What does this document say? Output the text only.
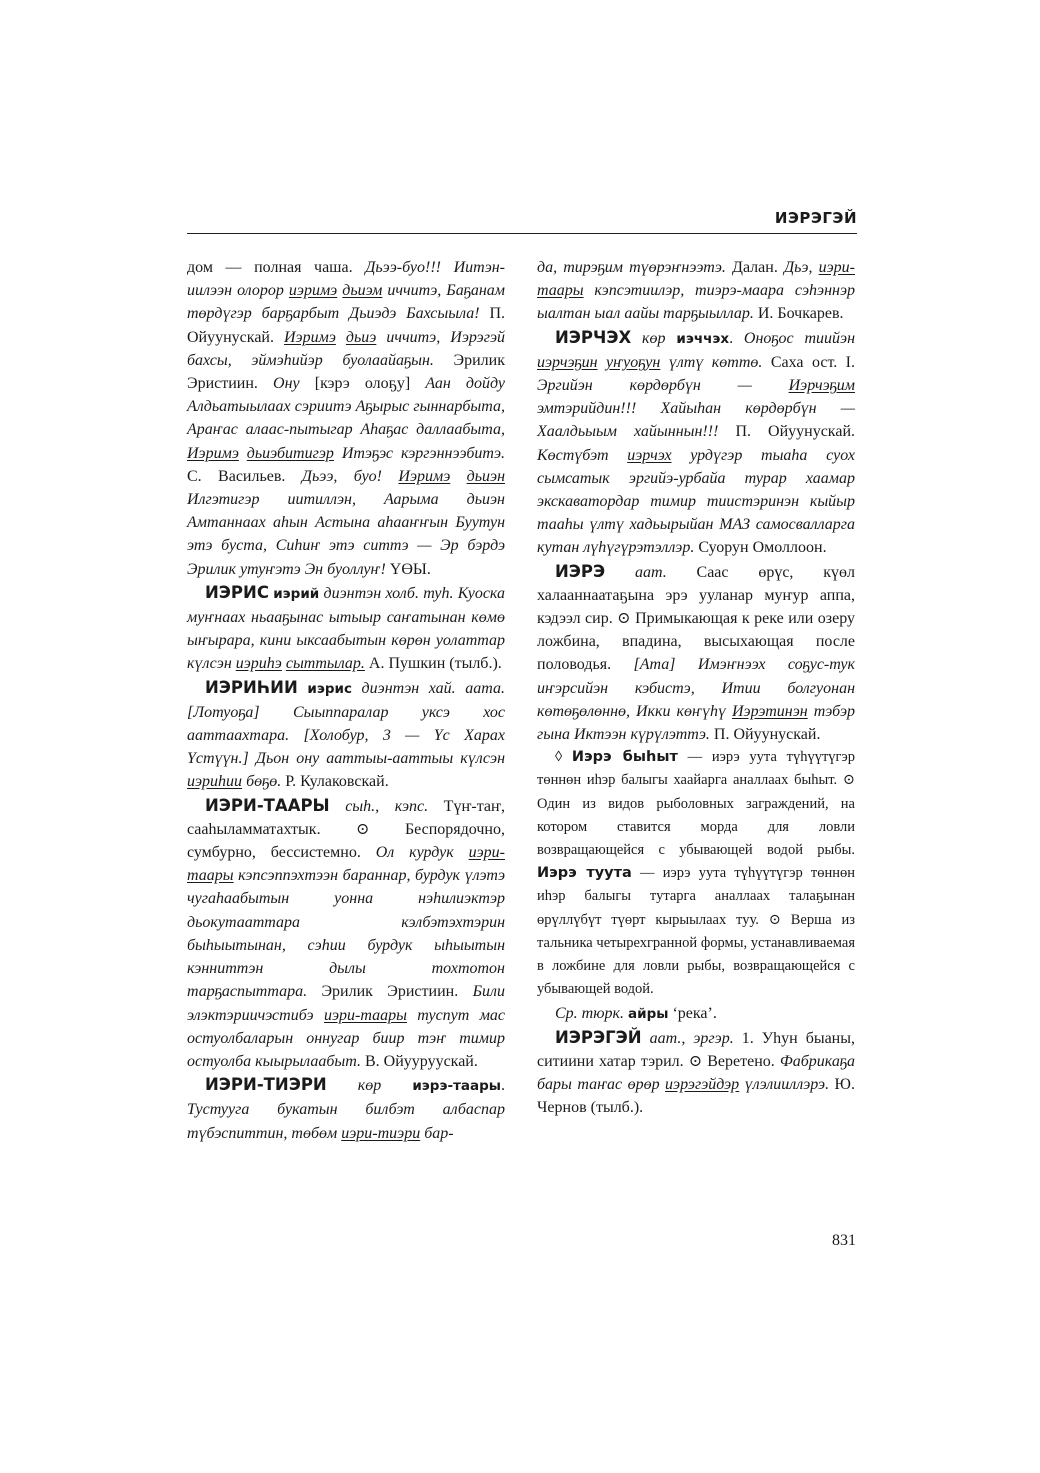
ИЭРЭГЭЙ

дом — полная чаша. Дьээ-буо!!! Иитэн-иилээн олорор иэримэ дьиэм иччитэ, Баҕанам төрдүгэр барҕарбыт Дьиэдэ Бахсыыла! П. Ойуунускай. Иэримэ дьиэ иччитэ, Иэрэгэй бахсы, эймэһийэр буолаайаҕын. Эрилик Эристиин. Ону [кэрэ олоҕу] Аан дойду Алдьатыылаах сэриитэ Аҕырыс гыннарбыта, Араҥас алаас-пытыгар Аһаҕас даллаабыта, Иэримэ дьиэбитигэр Итэҕэс кэргэннээбитэ. С. Васильев. Дьээ, буо! Иэримэ дьиэн Илгэтигэр иитиллэн, Аарыма дьиэн Амтаннаах аһын Астына аһааҥҥын Буутун этэ буста, Сиһиҥ этэ ситтэ — Эр бэрдэ Эрилик утуҥэтэ Эн буоллуҥ! ҮӨЫ.

ИЭРИС иэрий диэнтэн холб. туһ. Куоска муҥнаах ньааҕынас ытыыр саҥатынан көмө ыҥырара, кини ыксаабытын көрөн уолаттар күлсэн иэриһэ сыттылар. А. Пушкин (тылб.).

ИЭРИҺИИ иэрис диэнтэн хай. аата. [Лотуоҕа] Сыыппаралар уксэ хос ааттаахтара. [Холобур, 3 — Үс Харах Үстүүн.] Дьон ону ааттыы-ааттыы күлсэн иэриһии бөҕө. Р. Кулаковскай.

ИЭРИ-ТААРЫ сыһ., кэпс. Түҥ-таҥ, сааһыламматахтык. ⊙ Беспорядочно, сумбурно, бессистемно. Ол курдук иэри-таары кэпсэппэхтээн бараннар, бурдук үлэтэ чугаһаабытын уонна нэһилиэктэр дьокутааттара кэлбэтэхтэрин быһыытынан, сэһии бурдук ыһыытын кэнниттэн дылы тохтотон тарҕаспыттара. Эрилик Эристиин. Били элэктэриичэстибэ иэри-таары туспут мас остуолбаларын оннугар биир тэҥ тимир остуолба кыырылаабыт. В. Ойууруускай.

ИЭРИ-ТИЭРИ көр иэрэ-таары. Тустууга букатын билбэт албаспар түбэспиттин, төбөм иэри-тиэри бар-

да, тирэҕим түөрэҥнээтэ. Далан. Дьэ, иэри-таары кэпсэтиилэр, тиэрэ-маара сэһэннэр ыалтан ыал аайы тарҕыыллар. И. Бочкарев.

ИЭРЧЭХ көр иэччэх. Оноҕос тиийэн иэрчэҕин уҥуоҕун үлтү көттө. Саха ост. I. Эргийэн көрдөрбүн — Иэрчэҕим эмтэрийдин!!! Хайыһан көрдөрбүн — Хаалдьыым хайыннын!!! П. Ойуунускай. Көстүбэт иэрчэх урдүгэр тыаһа суох сымсатык эргийэ-урбайа турар хаамар экскаватордар тимир тиистэринэн кыйыр тааһы үлтү хадьырыйан МАЗ самосвалларга кутан лүһүгүрэтэллэр. Суорун Омоллоон.

ИЭРЭ аат. Саас өрүс, күөл халааннаатаҕына эрэ ууланар муҥур аппа, кэдээл сир. ⊙ Примыкающая к реке или озеру ложбина, впадина, высыхающая после половодья. [Ата] Имэҥнээх соҕус-тук иҥэрсийэн кэбистэ, Итии болгуонан көтөҕөлөннө, Икки көҥүһү Иэрэтинэн тэбэр гына Иктээн күрүлэттэ. П. Ойуунускай.

◊ Иэрэ быһыт — иэрэ уута түһүүтүгэр төннөн иһэр балыгы хаайарга аналлаах быһыт. ⊙ Один из видов рыболовных заграждений, на котором ставится морда для ловли возвращающейся с убывающей водой рыбы. Иэрэ туута — иэрэ уута түһүүтүгэр төннөн иһэр балыгы тутарга аналлаах талаҕынан өрүллүбүт түөрт кырыылаах туу. ⊙ Верша из тальника четырехгранной формы, устанавливаемая в ложбине для ловли рыбы, возвращающейся с убывающей водой.

Ср. тюрк. айры ‘река’.

ИЭРЭГЭЙ аат., эргэр. 1. Уһун быаны, ситиини хатар тэрил. ⊙ Веретено. Фабрикаҕа бары таҥас өрөр иэрэгэйдэр үлэлииллэрэ. Ю. Чернов (тылб.).

831
